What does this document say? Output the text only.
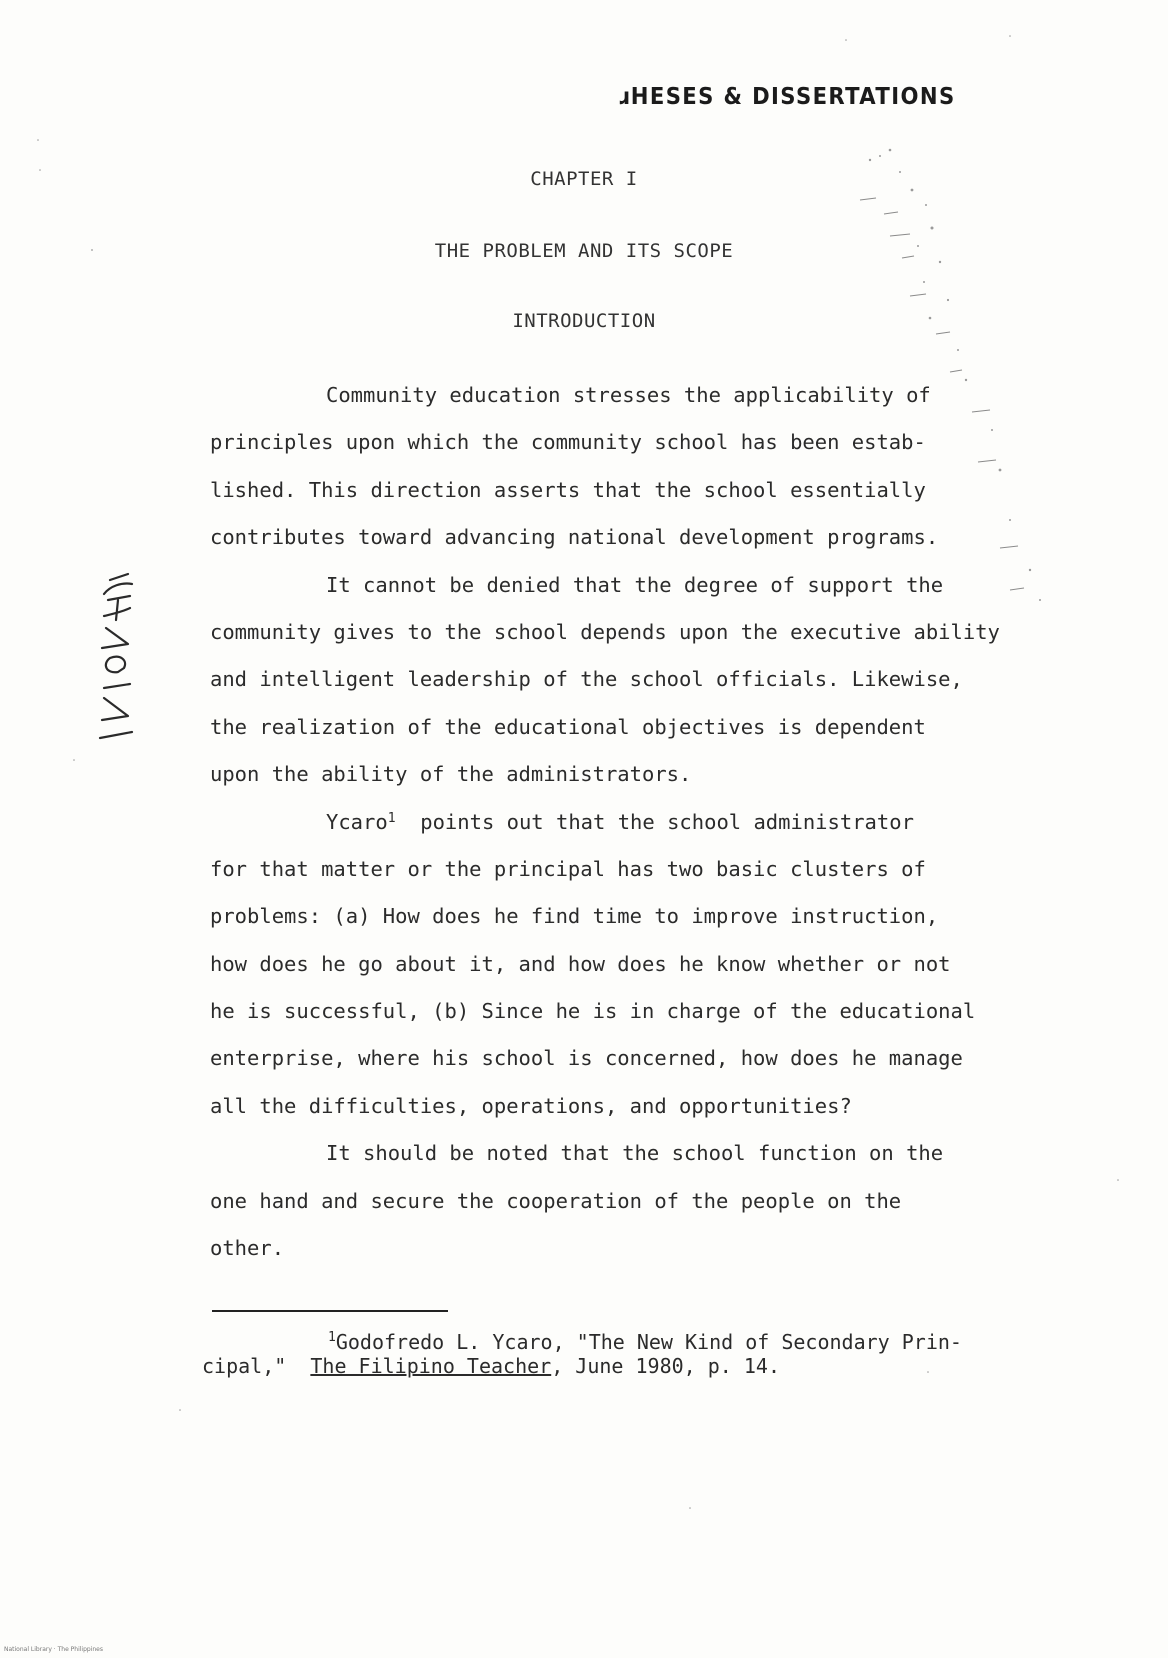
ɹHESES & DISSERTATIONS
CHAPTER I
THE PROBLEM AND ITS SCOPE
INTRODUCTION
Community education stresses the applicability of
principles upon which the community school has been estab-
lished. This direction asserts that the school essentially
contributes toward advancing national development programs.
It cannot be denied that the degree of support the
community gives to the school depends upon the executive ability
and intelligent leadership of the school officials. Likewise,
the realization of the educational objectives is dependent
upon the ability of the administrators.
Ycaro$^1$  points out that the school administrator
for that matter or the principal has two basic clusters of
problems: (a) How does he find time to improve instruction,
how does he go about it, and how does he know whether or not
he is successful, (b) Since he is in charge of the educational
enterprise, where his school is concerned, how does he manage
all the difficulties, operations, and opportunities?
It should be noted that the school function on the
one hand and secure the cooperation of the people on the
other.
$^1$Godofredo L. Ycaro, "The New Kind of Secondary Prin-
cipal,"  The Filipino Teacher, June 1980, p. 14.
National Library · The Philippines
